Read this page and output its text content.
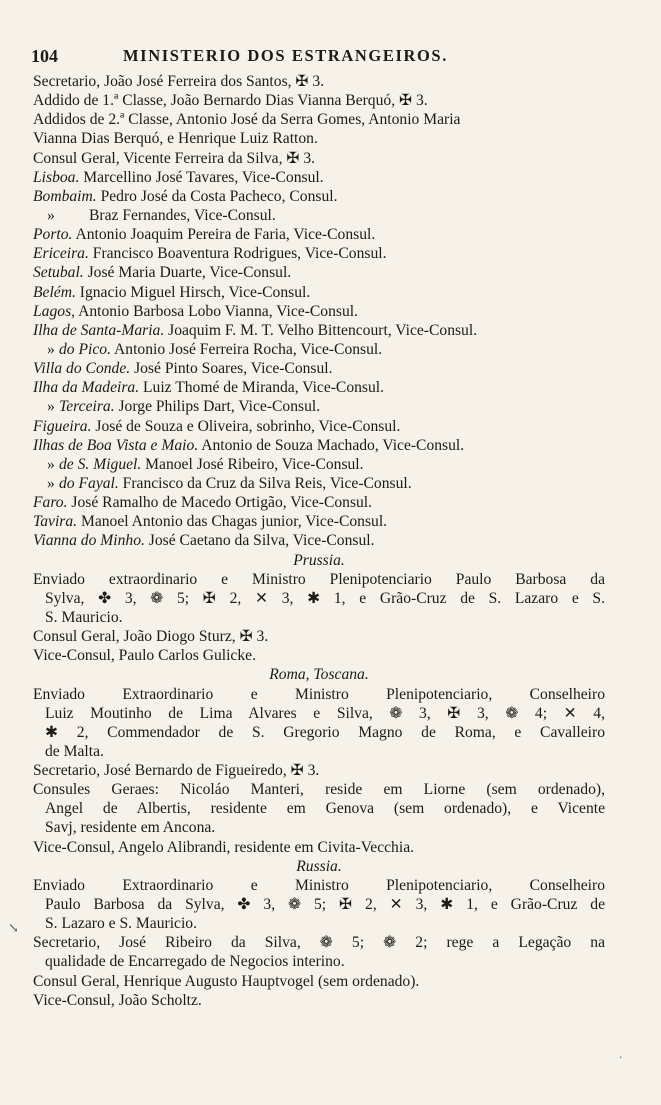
104	MINISTERIO DOS ESTRANGEIROS.
Secretario, João José Ferreira dos Santos, ✠ 3.
Addido de 1.ª Classe, João Bernardo Dias Vianna Berquó, ✠ 3.
Addidos de 2.ª Classe, Antonio José da Serra Gomes, Antonio Maria
Vianna Dias Berquó, e Henrique Luiz Ratton.
Consul Geral, Vicente Ferreira da Silva, ✠ 3.
Lisboa. Marcellino José Tavares, Vice-Consul.
Bombaim. Pedro José da Costa Pacheco, Consul.
» Braz Fernandes, Vice-Consul.
Porto. Antonio Joaquim Pereira de Faria, Vice-Consul.
Ericeira. Francisco Boaventura Rodrigues, Vice-Consul.
Setubal. José Maria Duarte, Vice-Consul.
Belém. Ignacio Miguel Hirsch, Vice-Consul.
Lagos, Antonio Barbosa Lobo Vianna, Vice-Consul.
Ilha de Santa-Maria. Joaquim F. M. T. Velho Bittencourt, Vice-Consul.
» do Pico. Antonio José Ferreira Rocha, Vice-Consul.
Villa do Conde. José Pinto Soares, Vice-Consul.
Ilha da Madeira. Luiz Thomé de Miranda, Vice-Consul.
» Terceira. Jorge Philips Dart, Vice-Consul.
Figueira. José de Souza e Oliveira, sobrinho, Vice-Consul.
Ilhas de Boa Vista e Maio. Antonio de Souza Machado, Vice-Consul.
» de S. Miguel. Manoel José Ribeiro, Vice-Consul.
» do Fayal. Francisco da Cruz da Silva Reis, Vice-Consul.
Faro. José Ramalho de Macedo Ortigão, Vice-Consul.
Tavira. Manoel Antonio das Chagas junior, Vice-Consul.
Vianna do Minho. José Caetano da Silva, Vice-Consul.
Prussia.
Enviado extraordinario e Ministro Plenipotenciario Paulo Barbosa da
Sylva, ✤ 3, ❁ 5; ✠ 2, ✕ 3, ✱ 1, e Grão-Cruz de S. Lazaro e S.
S. Mauricio.
Consul Geral, João Diogo Sturz, ✠ 3.
Vice-Consul, Paulo Carlos Gulicke.
Roma, Toscana.
Enviado Extraordinario e Ministro Plenipotenciario, Conselheiro
Luiz Moutinho de Lima Alvares e Silva, ❁ 3, ✠ 3, ❁ 4; ✕ 4,
✱ 2, Commendador de S. Gregorio Magno de Roma, e Cavalleiro
de Malta.
Secretario, José Bernardo de Figueiredo, ✠ 3.
Consules Geraes: Nicoláo Manteri, reside em Liorne (sem ordenado),
Angel de Albertis, residente em Genova (sem ordenado), e Vicente
Savj, residente em Ancona.
Vice-Consul, Angelo Alibrandi, residente em Civita-Vecchia.
Russia.
Enviado Extraordinario e Ministro Plenipotenciario, Conselheiro
Paulo Barbosa da Sylva, ✤ 3, ❁ 5; ✠ 2, ✕ 3, ✱ 1, e Grão-Cruz de
S. Lazaro e S. Mauricio.
Secretario, José Ribeiro da Silva, ❁ 5; ❁ 2; rege a Legação na
qualidade de Encarregado de Negocios interino.
Consul Geral, Henrique Augusto Hauptvogel (sem ordenado).
Vice-Consul, João Scholtz.
↘
·
